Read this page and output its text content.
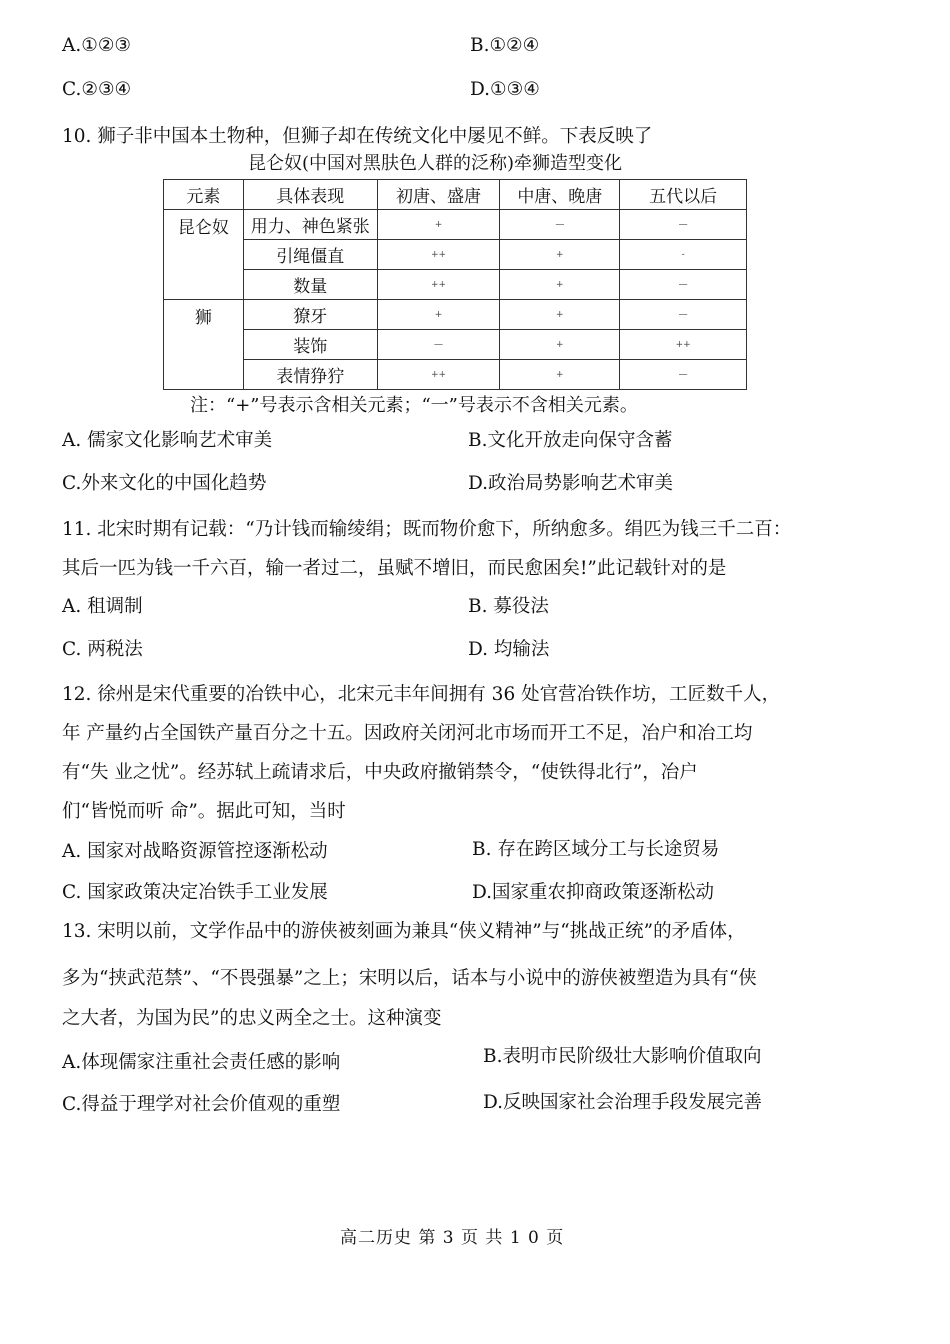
A.①②③	B.①②④
C.②③④	D.①③④
10. 狮子非中国本土物种，但狮子却在传统文化中屡见不鲜。下表反映了
昆仑奴(中国对黑肤色人群的泛称)牵狮造型变化
元素	具体表现	初唐、盛唐	中唐、晚唐	五代以后
昆仑奴	用力、神色紧张	+	—	—
	引绳僵直	++	+	-
	数量	++	+	—
狮	獠牙	+	+	—
	装饰	—	+	++
	表情狰狞	++	+	—
注：“+”号表示含相关元素；“一”号表示不含相关元素。
A. 儒家文化影响艺术审美	B.文化开放走向保守含蓄
C.外来文化的中国化趋势	D.政治局势影响艺术审美
11. 北宋时期有记载：“乃计钱而输绫绢；既而物价愈下，所纳愈多。绢匹为钱三千二百：
其后一匹为钱一千六百，输一者过二，虽赋不增旧，而民愈困矣!”此记载针对的是
A. 租调制	B. 募役法
C. 两税法	D. 均输法
12. 徐州是宋代重要的冶铁中心，北宋元丰年间拥有 36 处官营冶铁作坊，工匠数千人，
年 产量约占全国铁产量百分之十五。因政府关闭河北市场而开工不足，冶户和冶工均
有“失 业之忧”。经苏轼上疏请求后，中央政府撤销禁令，“使铁得北行”，冶户
们“皆悦而听 命”。据此可知，当时
A. 国家对战略资源管控逐渐松动	B. 存在跨区域分工与长途贸易
C. 国家政策决定冶铁手工业发展	D.国家重农抑商政策逐渐松动
13. 宋明以前，文学作品中的游侠被刻画为兼具“侠义精神”与“挑战正统”的矛盾体，
多为“挟武范禁”、“不畏强暴”之上；宋明以后，话本与小说中的游侠被塑造为具有“侠
之大者，为国为民”的忠义两全之士。这种演变
A.体现儒家注重社会责任感的影响	B.表明市民阶级壮大影响价值取向
C.得益于理学对社会价值观的重塑	D.反映国家社会治理手段发展完善
高二历史 第 3 页 共 1 0 页
